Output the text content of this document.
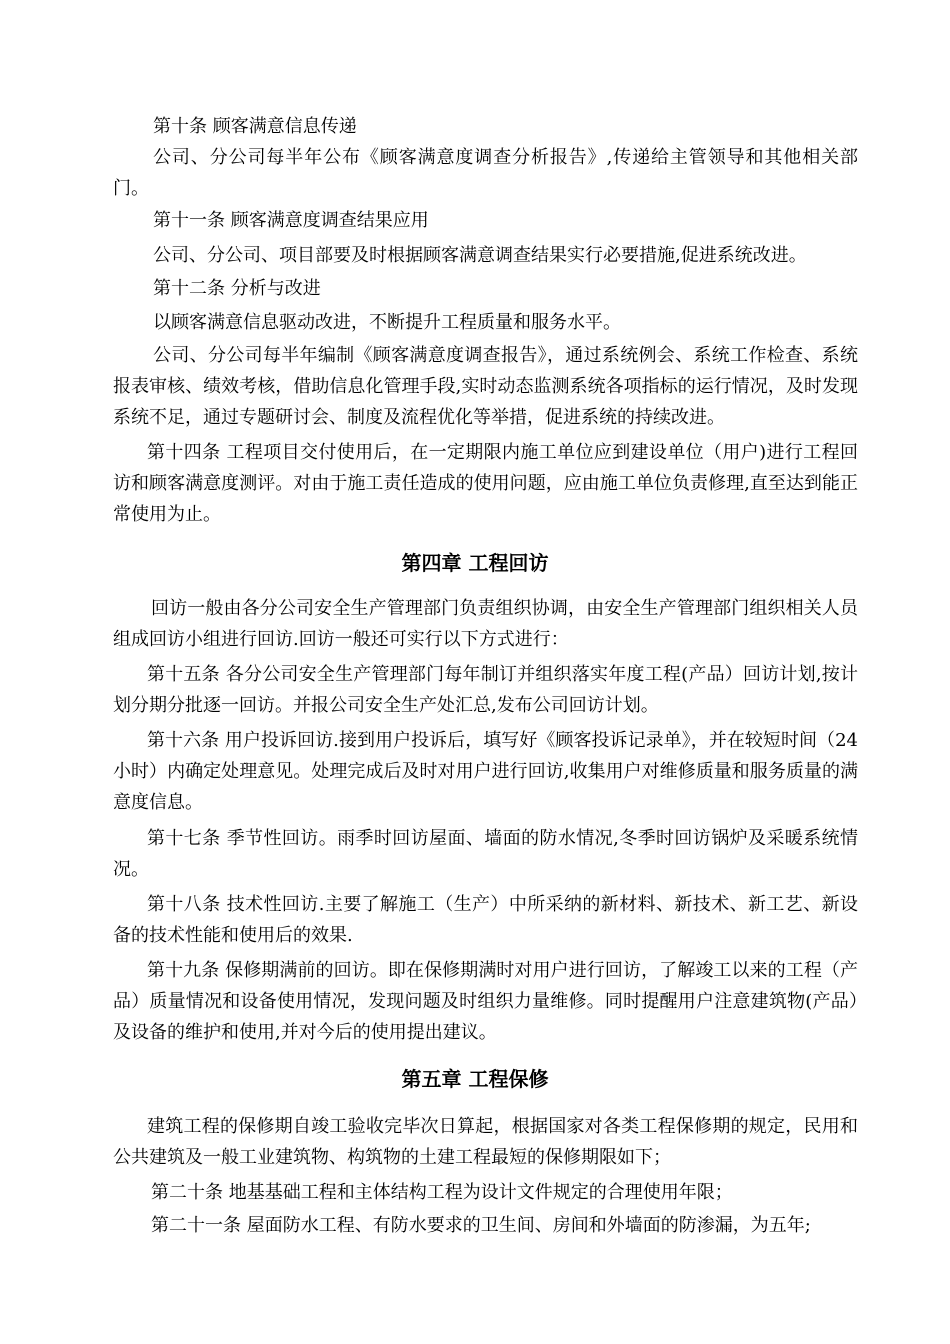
第十条 顾客满意信息传递
公司、分公司每半年公布《顾客满意度调查分析报告》,传递给主管领导和其他相关部门。
第十一条 顾客满意度调查结果应用
公司、分公司、项目部要及时根据顾客满意调查结果实行必要措施,促进系统改进。
第十二条 分析与改进
以顾客满意信息驱动改进，不断提升工程质量和服务水平。
公司、分公司每半年编制《顾客满意度调查报告》，通过系统例会、系统工作检查、系统报表审核、绩效考核，借助信息化管理手段,实时动态监测系统各项指标的运行情况，及时发现系统不足，通过专题研讨会、制度及流程优化等举措，促进系统的持续改进。
第十四条 工程项目交付使用后，在一定期限内施工单位应到建设单位（用户)进行工程回访和顾客满意度测评。对由于施工责任造成的使用问题，应由施工单位负责修理,直至达到能正常使用为止。
第四章 工程回访
回访一般由各分公司安全生产管理部门负责组织协调，由安全生产管理部门组织相关人员组成回访小组进行回访.回访一般还可实行以下方式进行：
第十五条 各分公司安全生产管理部门每年制订并组织落实年度工程(产品）回访计划,按计划分期分批逐一回访。并报公司安全生产处汇总,发布公司回访计划。
第十六条 用户投诉回访.接到用户投诉后，填写好《顾客投诉记录单》，并在较短时间（24 小时）内确定处理意见。处理完成后及时对用户进行回访,收集用户对维修质量和服务质量的满意度信息。
第十七条 季节性回访。雨季时回访屋面、墙面的防水情况,冬季时回访锅炉及采暖系统情况。
第十八条 技术性回访.主要了解施工（生产）中所采纳的新材料、新技术、新工艺、新设备的技术性能和使用后的效果.
第十九条 保修期满前的回访。即在保修期满时对用户进行回访，了解竣工以来的工程（产品）质量情况和设备使用情况，发现问题及时组织力量维修。同时提醒用户注意建筑物(产品）及设备的维护和使用,并对今后的使用提出建议。
第五章 工程保修
建筑工程的保修期自竣工验收完毕次日算起，根据国家对各类工程保修期的规定，民用和公共建筑及一般工业建筑物、构筑物的土建工程最短的保修期限如下；
第二十条 地基基础工程和主体结构工程为设计文件规定的合理使用年限；
第二十一条 屋面防水工程、有防水要求的卫生间、房间和外墙面的防渗漏，为五年;
